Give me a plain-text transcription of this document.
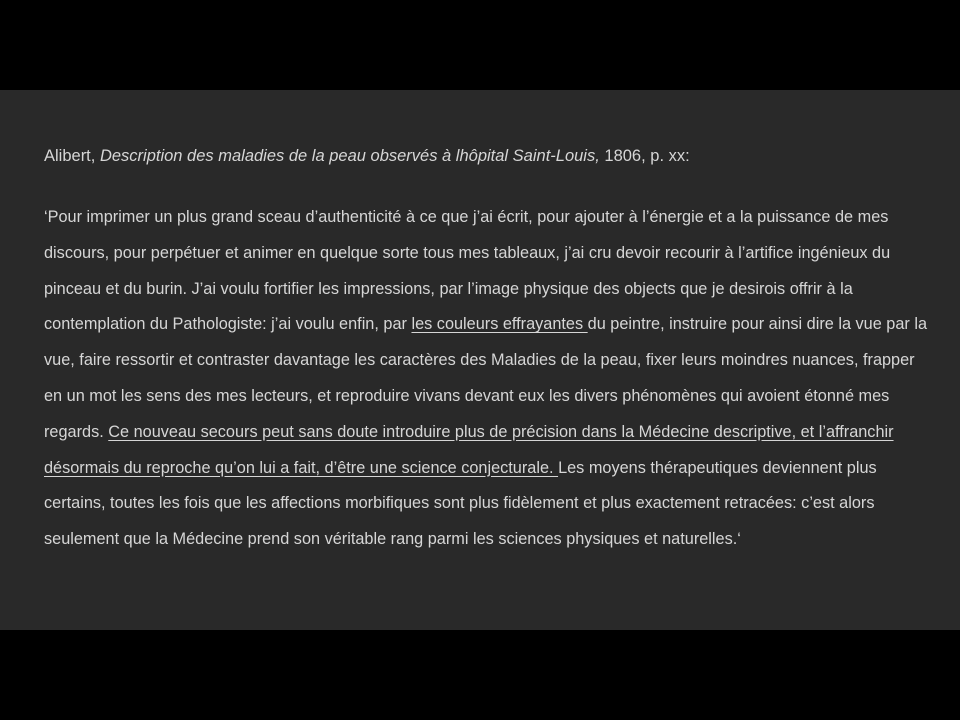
Alibert, Description des maladies de la peau observés à lhôpital Saint-Louis, 1806, p. xx:

‘Pour imprimer un plus grand sceau d’authenticité à ce que j’ai écrit, pour ajouter à l’énergie et a la puissance de mes discours, pour perpétuer et animer en quelque sorte tous mes tableaux, j’ai cru devoir recourir à l’artifice ingénieux du pinceau et du burin. J’ai voulu fortifier les impressions, par l’image physique des objects que je desirois offrir à la contemplation du Pathologiste: j’ai voulu enfin, par les couleurs effrayantes du peintre, instruire pour ainsi dire la vue par la vue, faire ressortir et contraster davantage les caractères des Maladies de la peau, fixer leurs moindres nuances, frapper en un mot les sens des mes lecteurs, et reproduire vivans devant eux les divers phénomènes qui avoient étonné mes regards. Ce nouveau secours peut sans doute introduire plus de précision dans la Médecine descriptive, et l’affranchir désormais du reproche qu’on lui a fait, d’être une science conjecturale. Les moyens thérapeutiques deviennent plus certains, toutes les fois que les affections morbifiques sont plus fidèlement et plus exactement retracées: c’est alors seulement que la Médecine prend son véritable rang parmi les sciences physiques et naturelles.‘
